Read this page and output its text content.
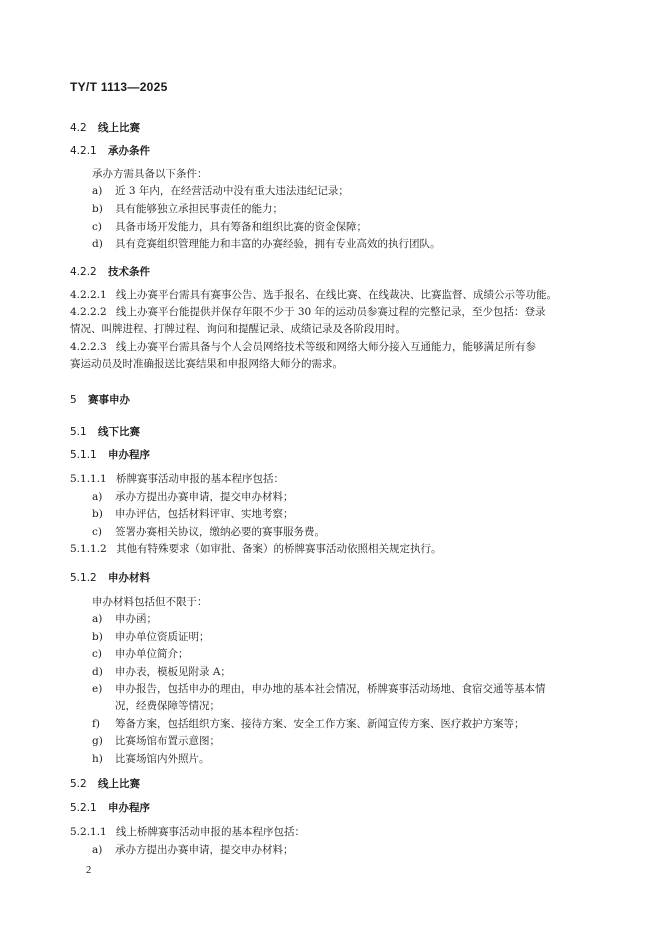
TY/T 1113—2025
4.2 线上比赛
4.2.1 承办条件
承办方需具备以下条件：
a) 近 3 年内，在经营活动中没有重大违法违纪记录；
b) 具有能够独立承担民事责任的能力；
c) 具备市场开发能力，具有筹备和组织比赛的资金保障；
d) 具有竞赛组织管理能力和丰富的办赛经验，拥有专业高效的执行团队。
4.2.2 技术条件
4.2.2.1 线上办赛平台需具有赛事公告、选手报名、在线比赛、在线裁决、比赛监督、成绩公示等功能。
4.2.2.2 线上办赛平台能提供并保存年限不少于 30 年的运动员参赛过程的完整记录，至少包括：登录
情况、叫牌进程、打牌过程、询问和提醒记录、成绩记录及各阶段用时。
4.2.2.3 线上办赛平台需具备与个人会员网络技术等级和网络大师分接入互通能力，能够满足所有参
赛运动员及时准确报送比赛结果和申报网络大师分的需求。
5 赛事申办
5.1 线下比赛
5.1.1 申办程序
5.1.1.1 桥牌赛事活动申报的基本程序包括：
a) 承办方提出办赛申请，提交申办材料；
b) 申办评估，包括材料评审、实地考察；
c) 签署办赛相关协议，缴纳必要的赛事服务费。
5.1.1.2 其他有特殊要求（如审批、备案）的桥牌赛事活动依照相关规定执行。
5.1.2 申办材料
申办材料包括但不限于：
a) 申办函；
b) 申办单位资质证明；
c) 申办单位简介；
d) 申办表，模板见附录 A；
e) 申办报告，包括申办的理由，申办地的基本社会情况，桥牌赛事活动场地、食宿交通等基本情
况，经费保障等情况；
f) 筹备方案，包括组织方案、接待方案、安全工作方案、新闻宣传方案、医疗救护方案等；
g) 比赛场馆布置示意图；
h) 比赛场馆内外照片。
5.2 线上比赛
5.2.1 申办程序
5.2.1.1 线上桥牌赛事活动申报的基本程序包括：
a) 承办方提出办赛申请，提交申办材料；
2
